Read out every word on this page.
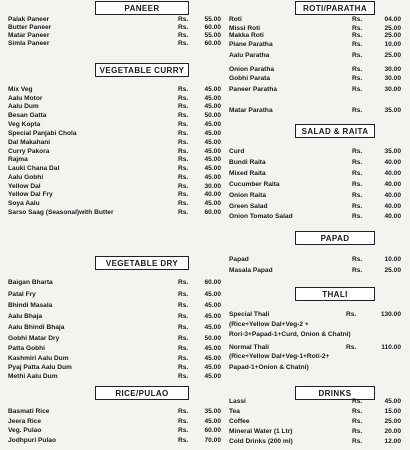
PANEER
VEGETABLE CURRY
VEGETABLE DRY
RICE/PULAO
ROTI/PARATHA
SALAD & RAITA
PAPAD
THALI
DRINKS
Palak Paneer	Rs.	55.00
Butter Paneer	Rs.	60.00
Matar Paneer	Rs.	55.00
Simla Paneer	Rs.	60.00
Mix Veg	Rs.	45.00
Aalu Motor	Rs.	45.00
Aalu Dum	Rs.	45.00
Besan Gatta	Rs.	50.00
Veg Kopta	Rs.	45.00
Special Panjabi Chola	Rs.	45.00
Dal Makahani	Rs.	45.00
Curry Pakora	Rs.	45.00
Rajma	Rs.	45.00
Lauki Chana Dal	Rs.	45.00
Aalu Gobhi	Rs.	45.00
Yellow Dal	Rs.	30.00
Yellow Dal Fry	Rs.	40.00
Soya Aalu	Rs.	45.00
Sarso Saag (Seasonal)with Butter	Rs.	60.00
Baigan Bharta	Rs.	60.00
Patal Fry	Rs.	45.00
Bhindi Masala	Rs.	45.00
Aalu Bhaja	Rs.	45.00
Aalu Bhindi Bhaja	Rs.	45.00
Gobhi Matar Dry	Rs.	50.00
Patta Gobhi	Rs.	45.00
Kashmiri Aalu Dum	Rs.	45.00
Pyaj Patta Aalu Dum	Rs.	45.00
Methi Aalu Dum	Rs.	45.00
Basmati Rice	Rs.	35.00
Jeera Rice	Rs.	45.00
Veg. Pulao	Rs.	60.00
Jodhpuri Pulao	Rs.	70.00
Roti	Rs.	04.00
Missi Roti	Rs.	25.00
Makka Roti	Rs.	25.00
Plane Paratha	Rs.	10.00
Aalu Paratha	Rs.	25.00
Onion Paratha	Rs.	30.00
Gobhi Parata	Rs.	30.00
Paneer Paratha	Rs.	30.00
Matar Paratha	Rs.	35.00
Curd	Rs.	35.00
Bundi Raita	Rs.	40.00
Mixed Raita	Rs.	40.00
Cucumber Raita	Rs.	40.00
Onion Raita	Rs.	40.00
Green Salad	Rs.	40.00
Onion Tomato Salad	Rs.	40.00
Papad	Rs.	10.00
Masala Papad	Rs.	25.00
Special Thali	Rs.	130.00
(Rice+Yellow Dal+Veg-2 +
Rori-3+Papad-1+Curd, Onion & Chatni)
Normal Thali	Rs.	110.00
(Rice+Yellow Dal+Veg-1+Roti-2+
Papad-1+Onion & Chatni)
Lassi	Rs.	45.00
Tea	Rs.	15.00
Coffee	Rs.	25.00
Mineral Water (1 Ltr)	Rs.	20.00
Cold Drinks (200 ml)	Rs.	12.00
